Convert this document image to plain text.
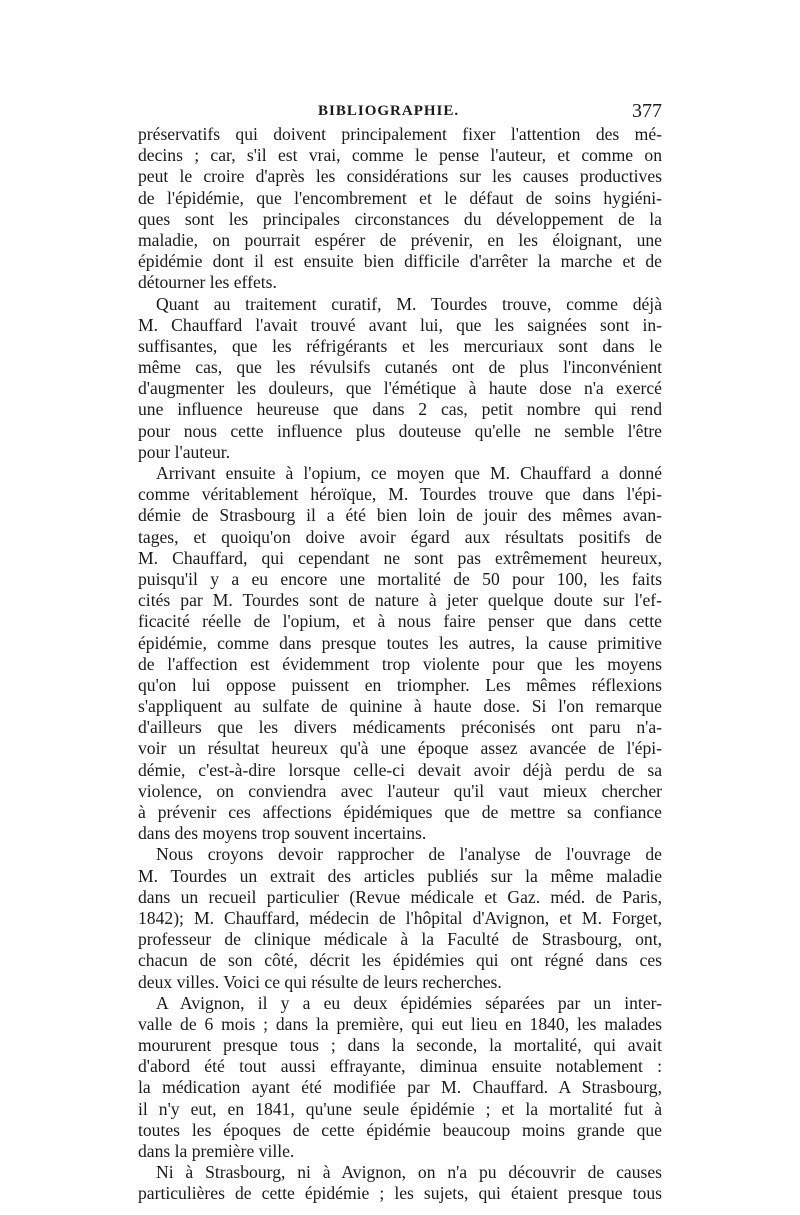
BIBLIOGRAPHIE.	377
préservatifs qui doivent principalement fixer l'attention des mé-
decins ; car, s'il est vrai, comme le pense l'auteur, et comme on
peut le croire d'après les considérations sur les causes productives
de l'épidémie, que l'encombrement et le défaut de soins hygiéni-
ques sont les principales circonstances du développement de la
maladie, on pourrait espérer de prévenir, en les éloignant, une
épidémie dont il est ensuite bien difficile d'arrêter la marche et de
détourner les effets.
Quant au traitement curatif, M. Tourdes trouve, comme déjà
M. Chauffard l'avait trouvé avant lui, que les saignées sont in-
suffisantes, que les réfrigérants et les mercuriaux sont dans le
même cas, que les révulsifs cutanés ont de plus l'inconvénient
d'augmenter les douleurs, que l'émétique à haute dose n'a exercé
une influence heureuse que dans 2 cas, petit nombre qui rend
pour nous cette influence plus douteuse qu'elle ne semble l'être
pour l'auteur.
Arrivant ensuite à l'opium, ce moyen que M. Chauffard a donné
comme véritablement héroïque, M. Tourdes trouve que dans l'épi-
démie de Strasbourg il a été bien loin de jouir des mêmes avan-
tages, et quoiqu'on doive avoir égard aux résultats positifs de
M. Chauffard, qui cependant ne sont pas extrêmement heureux,
puisqu'il y a eu encore une mortalité de 50 pour 100, les faits
cités par M. Tourdes sont de nature à jeter quelque doute sur l'ef-
ficacité réelle de l'opium, et à nous faire penser que dans cette
épidémie, comme dans presque toutes les autres, la cause primitive
de l'affection est évidemment trop violente pour que les moyens
qu'on lui oppose puissent en triompher. Les mêmes réflexions
s'appliquent au sulfate de quinine à haute dose. Si l'on remarque
d'ailleurs que les divers médicaments préconisés ont paru n'a-
voir un résultat heureux qu'à une époque assez avancée de l'épi-
démie, c'est-à-dire lorsque celle-ci devait avoir déjà perdu de sa
violence, on conviendra avec l'auteur qu'il vaut mieux chercher
à prévenir ces affections épidémiques que de mettre sa confiance
dans des moyens trop souvent incertains.
Nous croyons devoir rapprocher de l'analyse de l'ouvrage de
M. Tourdes un extrait des articles publiés sur la même maladie
dans un recueil particulier (Revue médicale et Gaz. méd. de Paris,
1842); M. Chauffard, médecin de l'hôpital d'Avignon, et M. Forget,
professeur de clinique médicale à la Faculté de Strasbourg, ont,
chacun de son côté, décrit les épidémies qui ont régné dans ces
deux villes. Voici ce qui résulte de leurs recherches.
A Avignon, il y a eu deux épidémies séparées par un inter-
valle de 6 mois ; dans la première, qui eut lieu en 1840, les malades
moururent presque tous ; dans la seconde, la mortalité, qui avait
d'abord été tout aussi effrayante, diminua ensuite notablement :
la médication ayant été modifiée par M. Chauffard. A Strasbourg,
il n'y eut, en 1841, qu'une seule épidémie ; et la mortalité fut à
toutes les époques de cette épidémie beaucoup moins grande que
dans la première ville.
Ni à Strasbourg, ni à Avignon, on n'a pu découvrir de causes
particulières de cette épidémie ; les sujets, qui étaient presque tous
